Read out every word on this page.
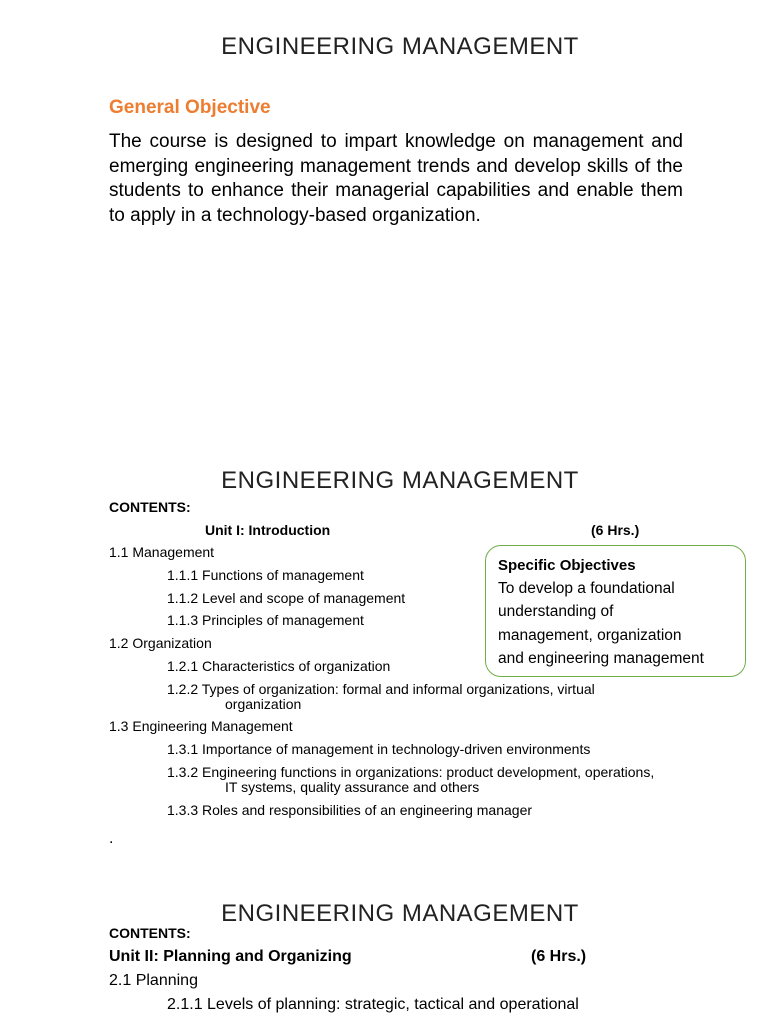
ENGINEERING MANAGEMENT
General Objective
The course is designed to impart knowledge on management and emerging engineering management trends and develop skills of the students to enhance their managerial capabilities and enable them to apply in a technology-based organization.
ENGINEERING MANAGEMENT
CONTENTS:
Unit I: Introduction	(6 Hrs.)
1.1 Management
1.1.1 Functions of management
1.1.2 Level and scope of management
1.1.3 Principles of management
1.2 Organization
1.2.1 Characteristics of organization
1.2.2 Types of organization: formal and informal organizations, virtual
organization
1.3 Engineering Management
1.3.1 Importance of management in technology-driven environments
1.3.2 Engineering functions in organizations: product development, operations,
IT systems, quality assurance and others
1.3.3 Roles and responsibilities of an engineering manager
Specific Objectives
To develop a foundational
understanding of
management, organization
and engineering management
.
ENGINEERING MANAGEMENT
CONTENTS:
Unit II: Planning and Organizing	(6 Hrs.)
2.1 Planning
2.1.1 Levels of planning: strategic, tactical and operational
